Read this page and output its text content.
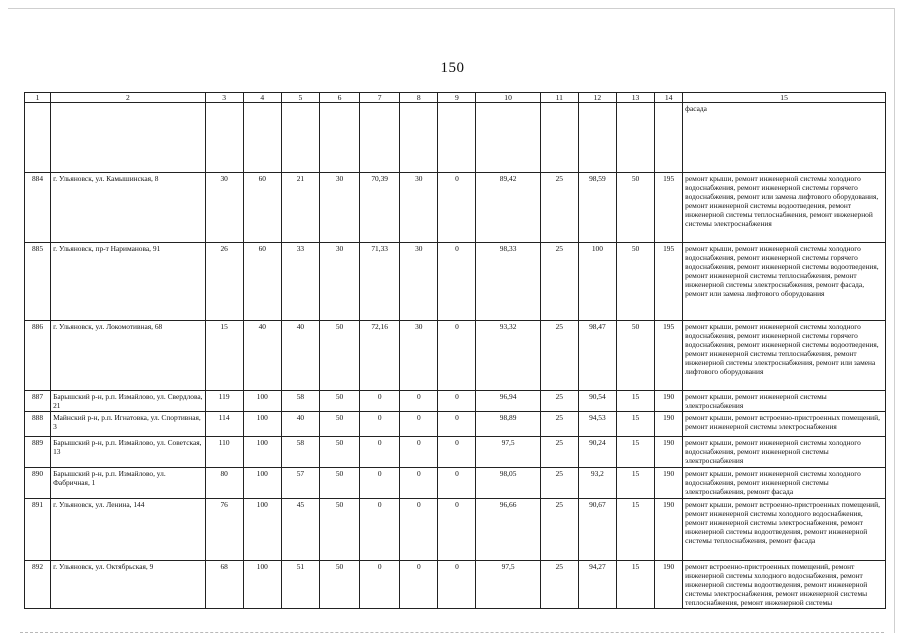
150
1	2	3	4	5	6	7	8	9	10	11	12	13	14	15
														фасада
884	г. Ульяновск, ул. Камышинская, 8	30	60	21	30	70,39	30	0	89,42	25	98,59	50	195	ремонт крыши, ремонт инженерной системы холодного водоснабжения, ремонт инженерной системы горячего водоснабжения, ремонт или замена лифтового оборудования, ремонт инженерной системы водоотведения, ремонт инженерной системы теплоснабжения, ремонт инженерной системы электроснабжения
885	г. Ульяновск, пр-т Нариманова, 91	26	60	33	30	71,33	30	0	98,33	25	100	50	195	ремонт крыши, ремонт инженерной системы холодного водоснабжения, ремонт инженерной системы горячего водоснабжения, ремонт инженерной системы водоотведения, ремонт инженерной системы теплоснабжения, ремонт инженерной системы электроснабжения, ремонт фасада, ремонт или замена лифтового оборудования
886	г. Ульяновск, ул. Локомотивная, 68	15	40	40	50	72,16	30	0	93,32	25	98,47	50	195	ремонт крыши, ремонт инженерной системы холодного водоснабжения, ремонт инженерной системы горячего водоснабжения, ремонт инженерной системы водоотведения, ремонт инженерной системы теплоснабжения, ремонт инженерной системы электроснабжения, ремонт или замена лифтового оборудования
887	Барышский р-н, р.п. Измайлово, ул. Свердлова, 21	119	100	58	50	0	0	0	96,94	25	90,54	15	190	ремонт крыши, ремонт инженерной системы электроснабжения
888	Майнский р-н, р.п. Игнатовка, ул. Спортивная, 3	114	100	40	50	0	0	0	98,89	25	94,53	15	190	ремонт крыши, ремонт встроенно-пристроенных помещений, ремонт инженерной системы электроснабжения
889	Барышский р-н, р.п. Измайлово, ул. Советская, 13	110	100	58	50	0	0	0	97,5	25	90,24	15	190	ремонт крыши, ремонт инженерной системы холодного водоснабжения, ремонт инженерной системы электроснабжения
890	Барышский р-н, р.п. Измайлово, ул. Фабричная, 1	80	100	57	50	0	0	0	98,05	25	93,2	15	190	ремонт крыши, ремонт инженерной системы холодного водоснабжения, ремонт инженерной системы электроснабжения, ремонт фасада
891	г. Ульяновск, ул. Ленина, 144	76	100	45	50	0	0	0	96,66	25	90,67	15	190	ремонт крыши, ремонт встроенно-пристроенных помещений, ремонт инженерной системы холодного водоснабжения, ремонт инженерной системы электроснабжения, ремонт инженерной системы водоотведения, ремонт инженерной системы теплоснабжения, ремонт фасада
892	г. Ульяновск, ул. Октябрьская, 9	68	100	51	50	0	0	0	97,5	25	94,27	15	190	ремонт встроенно-пристроенных помещений, ремонт инженерной системы холодного водоснабжения, ремонт инженерной системы водоотведения, ремонт инженерной системы электроснабжения, ремонт инженерной системы теплоснабжения, ремонт инженерной системы
